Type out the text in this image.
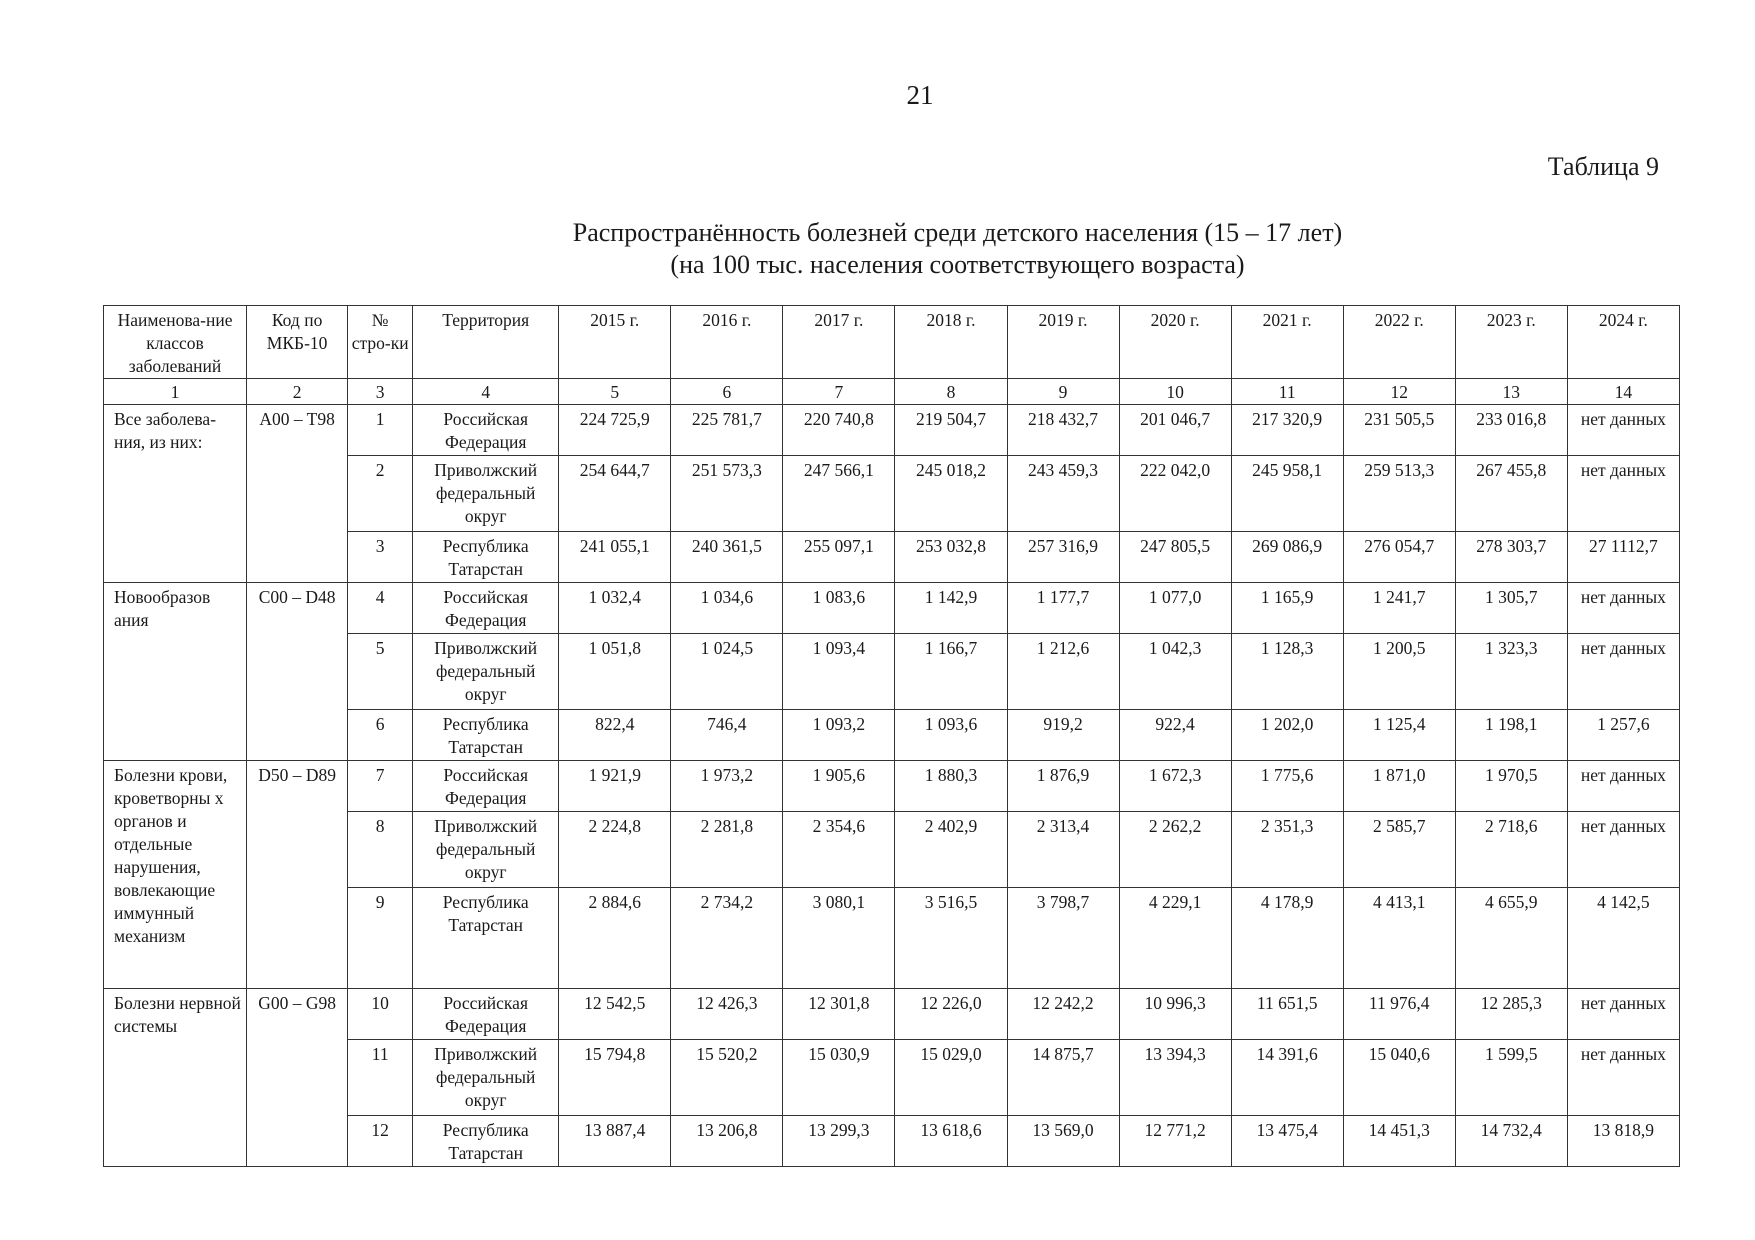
21
Таблица 9
Распространённость болезней среди детского населения (15 – 17 лет)
(на 100 тыс. населения соответствующего возраста)
Наименова-ние классов заболеваний	Код по МКБ-10	№ стро-ки	Территория	2015 г.	2016 г.	2017 г.	2018 г.	2019 г.	2020 г.	2021 г.	2022 г.	2023 г.	2024 г.
1	2	3	4	5	6	7	8	9	10	11	12	13	14
Все заболева-ния, из них:	A00 – T98	1	Российская Федерация	224 725,9	225 781,7	220 740,8	219 504,7	218 432,7	201 046,7	217 320,9	231 505,5	233 016,8	нет данных
		2	Приволжский федеральный округ	254 644,7	251 573,3	247 566,1	245 018,2	243 459,3	222 042,0	245 958,1	259 513,3	267 455,8	нет данных
		3	Республика Татарстан	241 055,1	240 361,5	255 097,1	253 032,8	257 316,9	247 805,5	269 086,9	276 054,7	278 303,7	27 1112,7
Новообразов ания	C00 – D48	4	Российская Федерация	1 032,4	1 034,6	1 083,6	1 142,9	1 177,7	1 077,0	1 165,9	1 241,7	1 305,7	нет данных
		5	Приволжский федеральный округ	1 051,8	1 024,5	1 093,4	1 166,7	1 212,6	1 042,3	1 128,3	1 200,5	1 323,3	нет данных
		6	Республика Татарстан	822,4	746,4	1 093,2	1 093,6	919,2	922,4	1 202,0	1 125,4	1 198,1	1 257,6
Болезни крови, кроветворны х органов и отдельные нарушения, вовлекающие иммунный механизм	D50 – D89	7	Российская Федерация	1 921,9	1 973,2	1 905,6	1 880,3	1 876,9	1 672,3	1 775,6	1 871,0	1 970,5	нет данных
		8	Приволжский федеральный округ	2 224,8	2 281,8	2 354,6	2 402,9	2 313,4	2 262,2	2 351,3	2 585,7	2 718,6	нет данных
		9	Республика Татарстан	2 884,6	2 734,2	3 080,1	3 516,5	3 798,7	4 229,1	4 178,9	4 413,1	4 655,9	4 142,5
Болезни нервной системы	G00 – G98	10	Российская Федерация	12 542,5	12 426,3	12 301,8	12 226,0	12 242,2	10 996,3	11 651,5	11 976,4	12 285,3	нет данных
		11	Приволжский федеральный округ	15 794,8	15 520,2	15 030,9	15 029,0	14 875,7	13 394,3	14 391,6	15 040,6	1 599,5	нет данных
		12	Республика Татарстан	13 887,4	13 206,8	13 299,3	13 618,6	13 569,0	12 771,2	13 475,4	14 451,3	14 732,4	13 818,9
